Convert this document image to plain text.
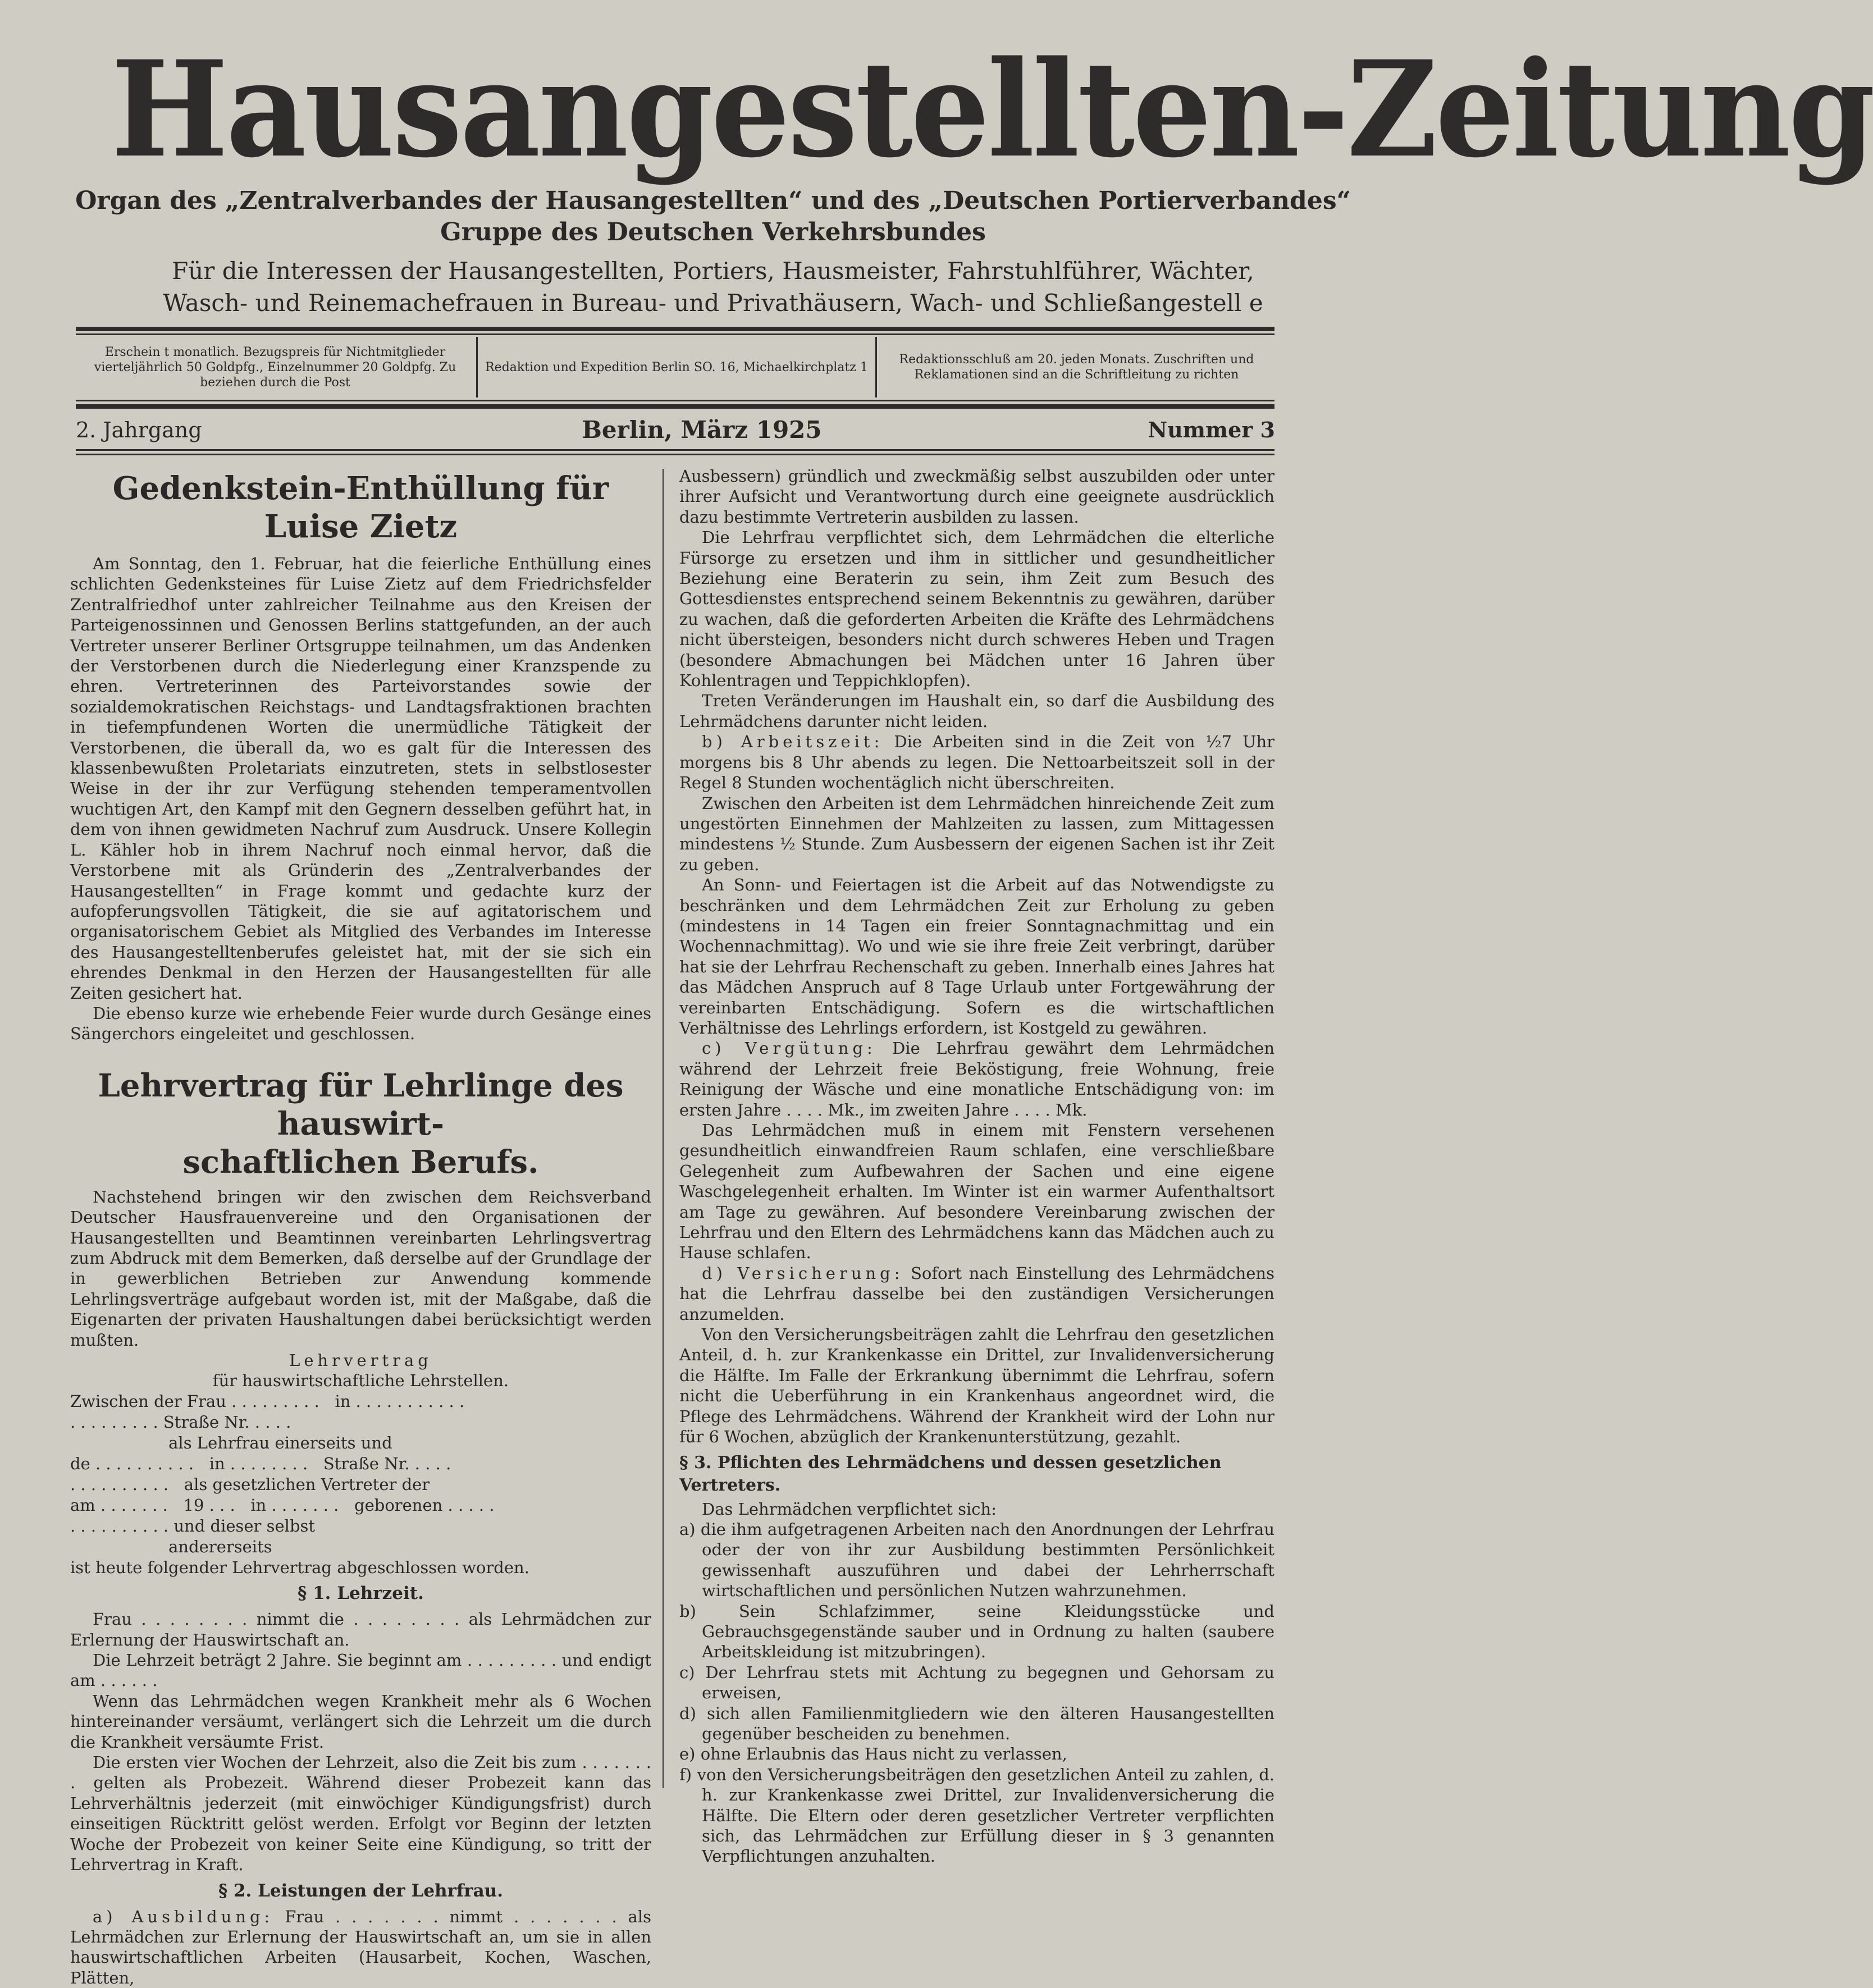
Hausangestellten-Zeitung
Organ des „Zentralverbandes der Hausangestellten“ und des „Deutschen Portierverbandes“
Gruppe des Deutschen Verkehrsbundes
Für die Interessen der Hausangestellten, Portiers, Hausmeister, Fahrstuhlführer, Wächter,
Wasch- und Reinemachefrauen in Bureau- und Privathäusern, Wach- und Schließangestell e
Erschein t monatlich. Bezugspreis für Nichtmitglieder vierteljährlich 50 Goldpfg., Einzelnummer 20 Goldpfg. Zu beziehen durch die Post
Redaktion und Expedition Berlin SO. 16, Michaelkirchplatz 1
Redaktionsschluß am 20. jeden Monats. Zuschriften und Reklamationen sind an die Schriftleitung zu richten
2. Jahrgang	Berlin, März 1925	Nummer 3
Gedenkstein-Enthüllung für Luise Zietz

Am Sonntag, den 1. Februar, hat die feierliche Enthüllung eines schlichten Gedenksteines für Luise Zietz auf dem Friedrichsfelder Zentralfriedhof unter zahlreicher Teilnahme aus den Kreisen der Parteigenossinnen und Genossen Berlins stattgefunden, an der auch Vertreter unserer Berliner Ortsgruppe teilnahmen, um das Andenken der Verstorbenen durch die Niederlegung einer Kranzspende zu ehren. Vertreterinnen des Parteivorstandes sowie der sozialdemokratischen Reichstags- und Landtagsfraktionen brachten in tiefempfundenen Worten die unermüdliche Tätigkeit der Verstorbenen, die überall da, wo es galt für die Interessen des klassenbewußten Proletariats einzutreten, stets in selbstlosester Weise in der ihr zur Verfügung stehenden temperamentvollen wuchtigen Art, den Kampf mit den Gegnern desselben geführt hat, in dem von ihnen gewidmeten Nachruf zum Ausdruck. Unsere Kollegin L. Kähler hob in ihrem Nachruf noch einmal hervor, daß die Verstorbene mit als Gründerin des „Zentralverbandes der Hausangestellten“ in Frage kommt und gedachte kurz der aufopferungsvollen Tätigkeit, die sie auf agitatorischem und organisatorischem Gebiet als Mitglied des Verbandes im Interesse des Hausangestelltenberufes geleistet hat, mit der sie sich ein ehrendes Denkmal in den Herzen der Hausangestellten für alle Zeiten gesichert hat.

Die ebenso kurze wie erhebende Feier wurde durch Gesänge eines Sängerchors eingeleitet und geschlossen.

Lehrvertrag für Lehrlinge des hauswirt-
schaftlichen Berufs.

Nachstehend bringen wir den zwischen dem Reichsverband Deutscher Hausfrauenvereine und den Organisationen der Hausangestellten und Beamtinnen vereinbarten Lehrlingsvertrag zum Abdruck mit dem Bemerken, daß derselbe auf der Grundlage der in gewerblichen Betrieben zur Anwendung kommende Lehrlingsverträge aufgebaut worden ist, mit der Maßgabe, daß die Eigenarten der privaten Haushaltungen dabei berücksichtigt werden mußten.

Lehrvertrag

für hauswirtschaftliche Lehrstellen.

Zwischen der Frau . . . . . . . . .   in . . . . . . . . . . .

. . . . . . . . . Straße Nr. . . . .

als Lehrfrau einerseits und

de . . . . . . . . . .   in . . . . . . . .   Straße Nr. . . . .

. . . . . . . . . .   als gesetzlichen Vertreter der

am . . . . . . .   19 . . .   in . . . . . . .   geborenen . . . . .

. . . . . . . . . . und dieser selbst

andererseits

ist heute folgender Lehrvertrag abgeschlossen worden.

§ 1. Lehrzeit.

Frau . . . . . . . . nimmt die . . . . . . . . als Lehrmädchen zur Erlernung der Hauswirtschaft an.

Die Lehrzeit beträgt 2 Jahre. Sie beginnt am . . . . . . . . . und endigt am . . . . . .

Wenn das Lehrmädchen wegen Krankheit mehr als 6 Wochen hintereinander versäumt, verlängert sich die Lehrzeit um die durch die Krankheit versäumte Frist.

Die ersten vier Wochen der Lehrzeit, also die Zeit bis zum . . . . . . . . gelten als Probezeit. Während dieser Probezeit kann das Lehrverhältnis jederzeit (mit einwöchiger Kündigungsfrist) durch einseitigen Rücktritt gelöst werden. Erfolgt vor Beginn der letzten Woche der Probezeit von keiner Seite eine Kündigung, so tritt der Lehrvertrag in Kraft.

§ 2. Leistungen der Lehrfrau.

a) Ausbildung: Frau . . . . . . . nimmt . . . . . . . als Lehrmädchen zur Erlernung der Hauswirtschaft an, um sie in allen hauswirtschaftlichen Arbeiten (Hausarbeit, Kochen, Waschen, Plätten,

Ausbessern) gründlich und zweckmäßig selbst auszubilden oder unter ihrer Aufsicht und Verantwortung durch eine geeignete ausdrücklich dazu bestimmte Vertreterin ausbilden zu lassen.

Die Lehrfrau verpflichtet sich, dem Lehrmädchen die elterliche Fürsorge zu ersetzen und ihm in sittlicher und gesundheitlicher Beziehung eine Beraterin zu sein, ihm Zeit zum Besuch des Gottesdienstes entsprechend seinem Bekenntnis zu gewähren, darüber zu wachen, daß die geforderten Arbeiten die Kräfte des Lehrmädchens nicht übersteigen, besonders nicht durch schweres Heben und Tragen (besondere Abmachungen bei Mädchen unter 16 Jahren über Kohlentragen und Teppichklopfen).

Treten Veränderungen im Haushalt ein, so darf die Ausbildung des Lehrmädchens darunter nicht leiden.

b) Arbeitszeit: Die Arbeiten sind in die Zeit von ½7 Uhr morgens bis 8 Uhr abends zu legen. Die Nettoarbeitszeit soll in der Regel 8 Stunden wochentäglich nicht überschreiten.

Zwischen den Arbeiten ist dem Lehrmädchen hinreichende Zeit zum ungestörten Einnehmen der Mahlzeiten zu lassen, zum Mittagessen mindestens ½ Stunde. Zum Ausbessern der eigenen Sachen ist ihr Zeit zu geben.

An Sonn- und Feiertagen ist die Arbeit auf das Notwendigste zu beschränken und dem Lehrmädchen Zeit zur Erholung zu geben (mindestens in 14 Tagen ein freier Sonntagnachmittag und ein Wochennachmittag). Wo und wie sie ihre freie Zeit verbringt, darüber hat sie der Lehrfrau Rechenschaft zu geben. Innerhalb eines Jahres hat das Mädchen Anspruch auf 8 Tage Urlaub unter Fortgewährung der vereinbarten Entschädigung. Sofern es die wirtschaftlichen Verhältnisse des Lehrlings erfordern, ist Kostgeld zu gewähren.

c) Vergütung: Die Lehrfrau gewährt dem Lehrmädchen während der Lehrzeit freie Beköstigung, freie Wohnung, freie Reinigung der Wäsche und eine monatliche Entschädigung von: im ersten Jahre . . . . Mk., im zweiten Jahre . . . . Mk.

Das Lehrmädchen muß in einem mit Fenstern versehenen gesundheitlich einwandfreien Raum schlafen, eine verschließbare Gelegenheit zum Aufbewahren der Sachen und eine eigene Waschgelegenheit erhalten. Im Winter ist ein warmer Aufenthaltsort am Tage zu gewähren. Auf besondere Vereinbarung zwischen der Lehrfrau und den Eltern des Lehrmädchens kann das Mädchen auch zu Hause schlafen.

d) Versicherung: Sofort nach Einstellung des Lehrmädchens hat die Lehrfrau dasselbe bei den zuständigen Versicherungen anzumelden.

Von den Versicherungsbeiträgen zahlt die Lehrfrau den gesetzlichen Anteil, d. h. zur Krankenkasse ein Drittel, zur Invalidenversicherung die Hälfte. Im Falle der Erkrankung übernimmt die Lehrfrau, sofern nicht die Ueberführung in ein Krankenhaus angeordnet wird, die Pflege des Lehrmädchens. Während der Krankheit wird der Lohn nur für 6 Wochen, abzüglich der Krankenunterstützung, gezahlt.

§ 3. Pflichten des Lehrmädchens und dessen gesetzlichen Vertreters.

Das Lehrmädchen verpflichtet sich:

a) die ihm aufgetragenen Arbeiten nach den Anordnungen der Lehrfrau oder der von ihr zur Ausbildung bestimmten Persönlichkeit gewissenhaft auszuführen und dabei der Lehrherrschaft wirtschaftlichen und persönlichen Nutzen wahrzunehmen.

b) Sein Schlafzimmer, seine Kleidungsstücke und Gebrauchsgegenstände sauber und in Ordnung zu halten (saubere Arbeitskleidung ist mitzubringen).

c) Der Lehrfrau stets mit Achtung zu begegnen und Gehorsam zu erweisen,

d) sich allen Familienmitgliedern wie den älteren Hausangestellten gegenüber bescheiden zu benehmen.

e) ohne Erlaubnis das Haus nicht zu verlassen,

f) von den Versicherungsbeiträgen den gesetzlichen Anteil zu zahlen, d. h. zur Krankenkasse zwei Drittel, zur Invalidenversicherung die Hälfte. Die Eltern oder deren gesetzlicher Vertreter verpflichten sich, das Lehrmädchen zur Erfüllung dieser in § 3 genannten Verpflichtungen anzuhalten.
